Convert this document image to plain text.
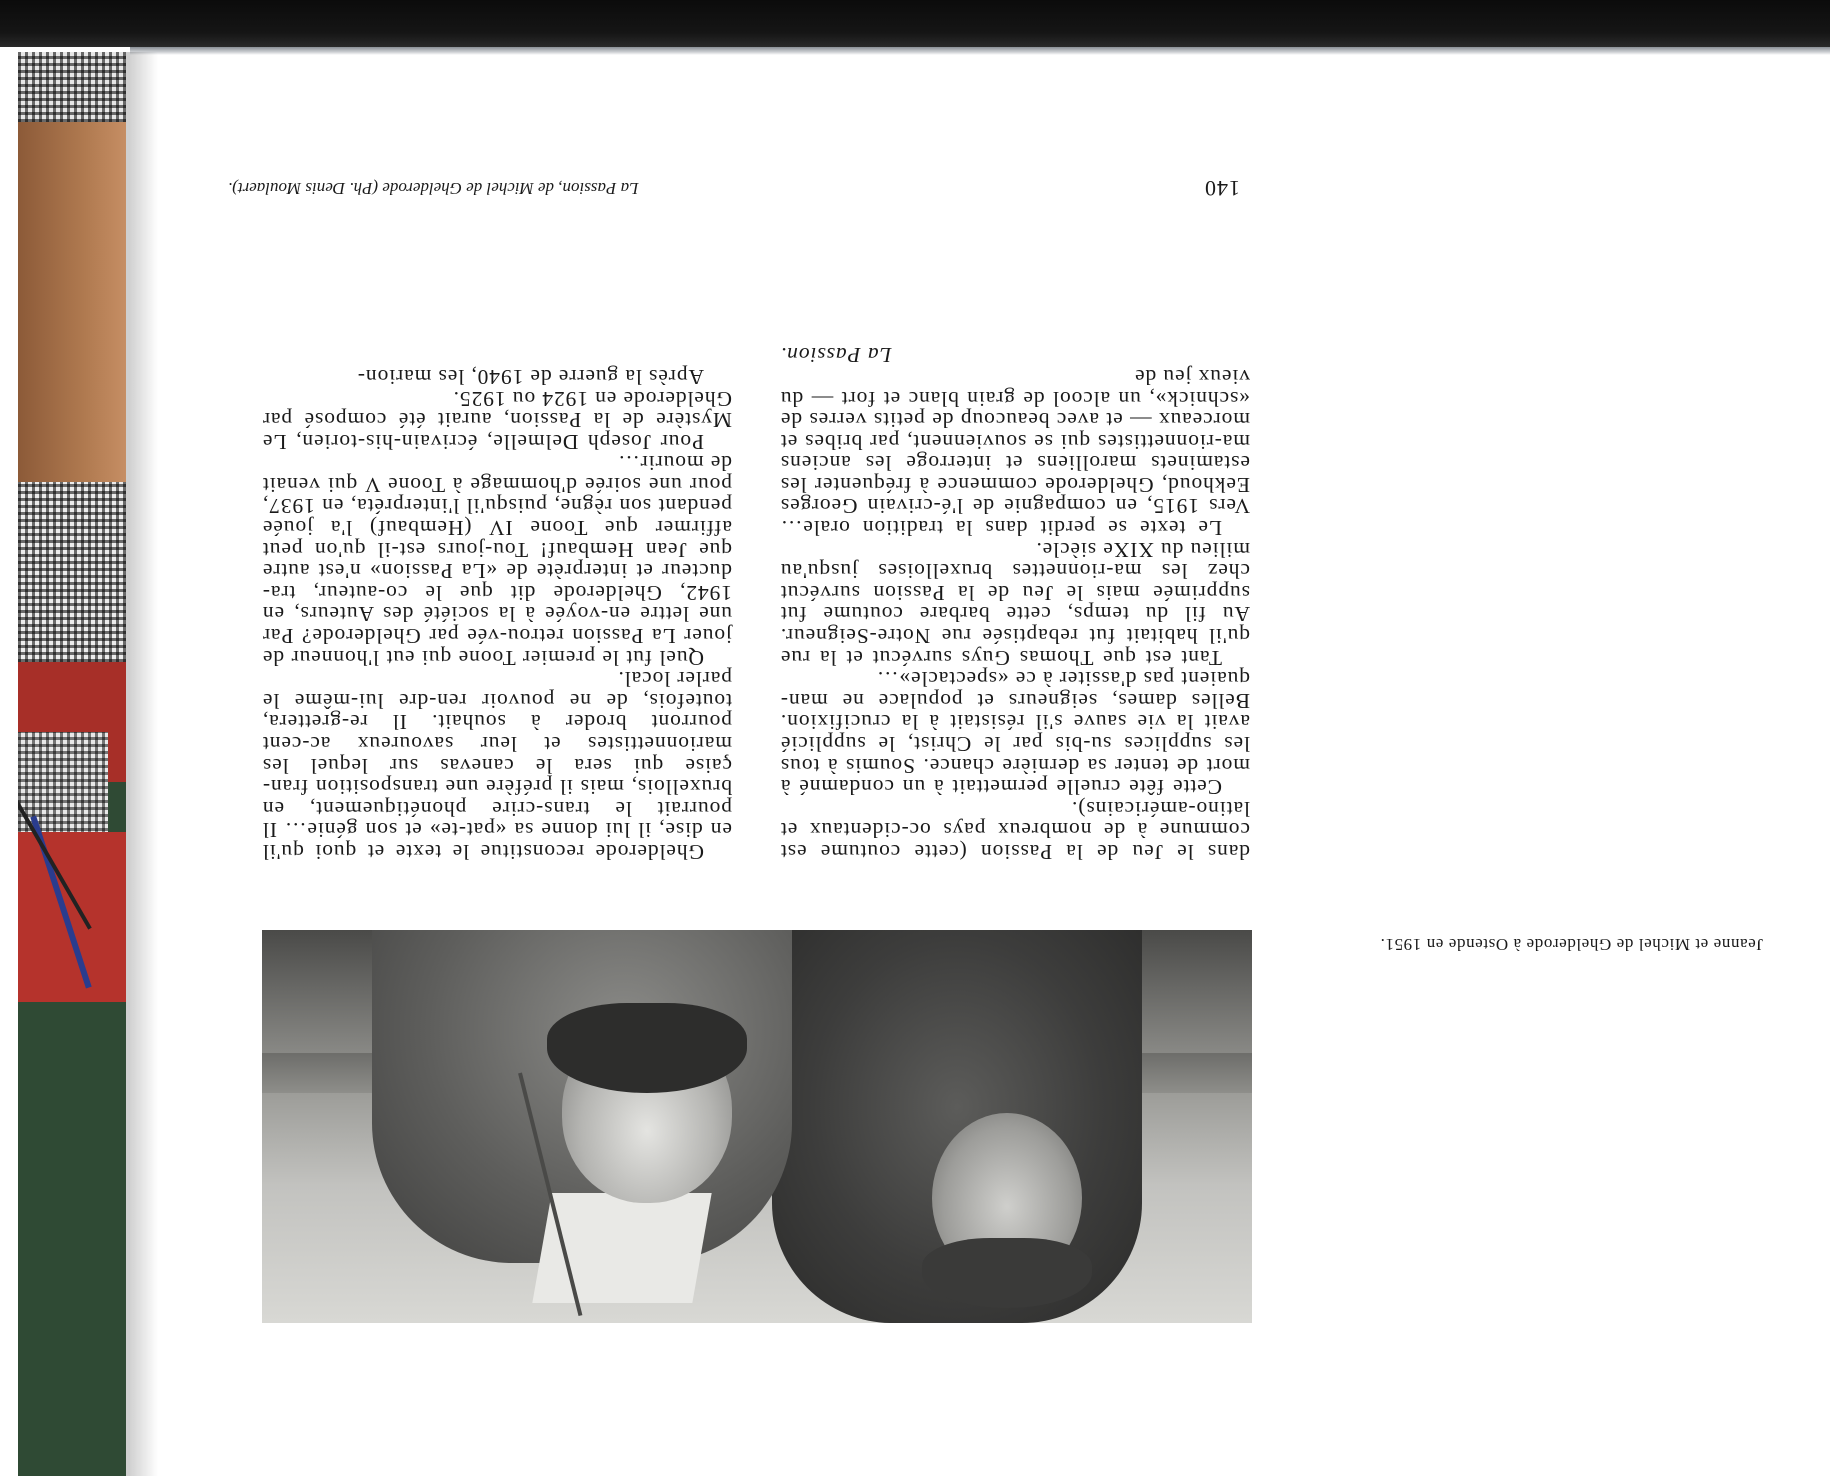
140
La Passion, de Michel de Ghelderode (Ph. Denis Moulaert).

dans le Jeu de la Passion (cette coutume est commune à de nombreux pays oc-cidentaux et latino-américains).

Cette fête cruelle permettait à un condamné à mort de tenter sa dernière chance. Soumis à tous les supplices su-bis par le Christ, le supplicié avait la vie sauve s'il résistait à la crucifixion. Belles dames, seigneurs et populace ne man-quaient pas d'assiter à ce «spectacle»…

Tant est que Thomas Guys survécut et la rue qu'il habitait fut rebaptisée rue Notre-Seigneur. Au fil du temps, cette barbare coutume fut supprimée mais le Jeu de la Passion survécut chez les ma-rionnettes bruxelloises jusqu'au milieu du XIXe siècle.

Le texte se perdit dans la tradition orale… Vers 1915, en compagnie de l'é-crivain Georges Eekhoud, Ghelderode commence à fréquenter les estaminets marolliens et interroge les anciens ma-rionnettistes qui se souviennent, par bribes et morceaux — et avec beaucoup de petits verres de «schnick», un alcool de grain blanc et fort — du vieux jeu de

La Passion.

Ghelderode reconstitue le texte et quoi qu'il en dise, il lui donne sa «pat-te» et son génie… Il pourrait le trans-crire phonétiquement, en bruxellois, mais il préfère une transposition fran-çaise qui sera le canevas sur lequel les marionnettistes et leur savoureux ac-cent pourront broder à souhait. Il re-grettera, toutefois, de ne pouvoir ren-dre lui-même le parler local.

Quel fut le premier Toone qui eut l'honneur de jouer La Passion retrou-vée par Ghelderode? Par une lettre en-voyée à la société des Auteurs, en 1942, Ghelderode dit que le co-auteur, tra-ducteur et interprète de «La Passion» n'est autre que Jean Hembauf! Tou-jours est-il qu'on peut affirmer que Toone IV (Hembauf) l'a jouée pendant son règne, puisqu'il l'interpréta, en 1937, pour une soirée d'hommage à Toone V qui venait de mourir…

Pour Joseph Delmelle, écrivain-his-torien, Le Mystère de la Passion, aurait été composé par Ghelderode en 1924 ou 1925.

Après la guerre de 1940, les marion-

Jeanne et Michel de Ghelderode à Ostende en 1951.
